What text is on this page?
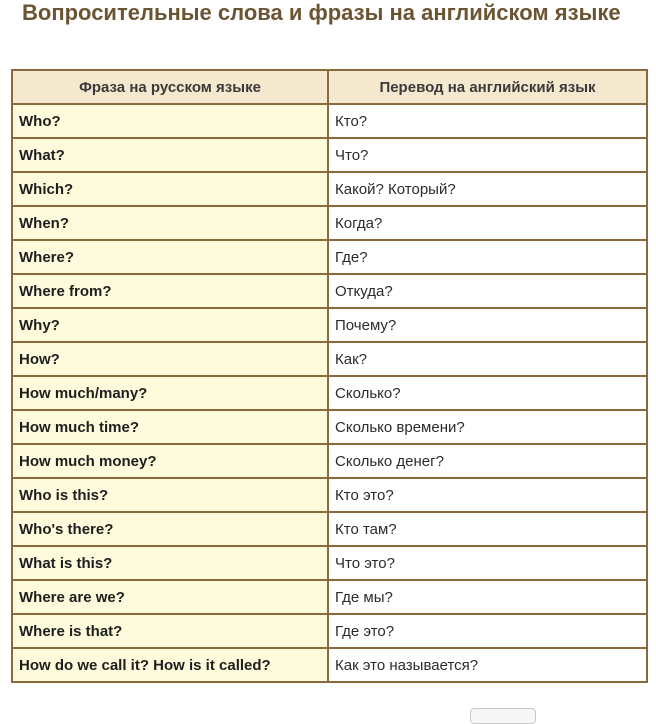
Вопросительные слова и фразы на английском языке
Фраза на русском языке	Перевод на английский язык
Who?	Кто?
What?	Что?
Which?	Какой? Который?
When?	Когда?
Where?	Где?
Where from?	Откуда?
Why?	Почему?
How?	Как?
How much/many?	Сколько?
How much time?	Сколько времени?
How much money?	Сколько денег?
Who is this?	Кто это?
Who's there?	Кто там?
What is this?	Что это?
Where are we?	Где мы?
Where is that?	Где это?
How do we call it? How is it called?	Как это называется?
